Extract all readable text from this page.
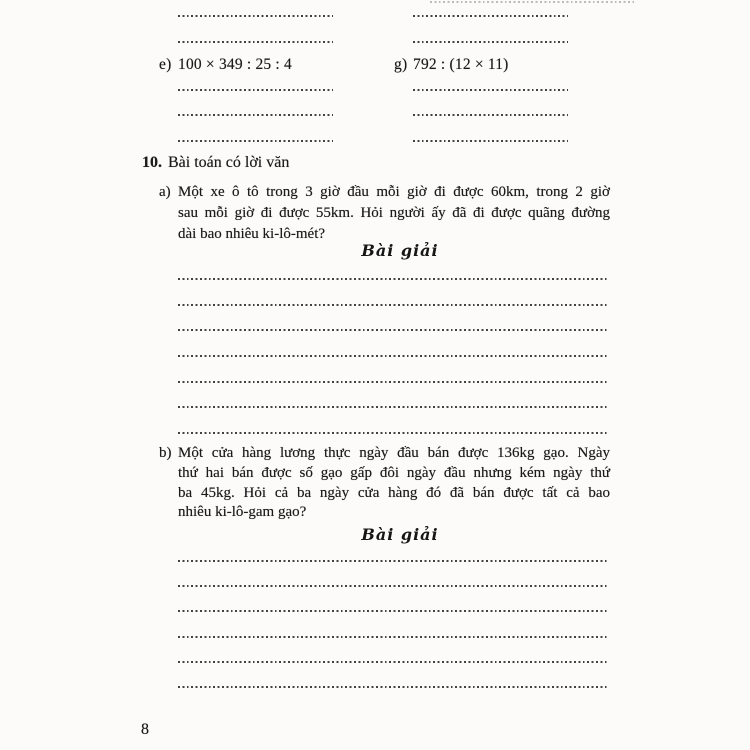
e) 100 × 349 : 25 : 4	g) 792 : (12 × 11)
10. Bài toán có lời văn
a) Một xe ô tô trong 3 giờ đầu mỗi giờ đi được 60km, trong 2 giờ
sau mỗi giờ đi được 55km. Hỏi người ấy đã đi được quãng đường
dài bao nhiêu ki-lô-mét?
Bài giải
b) Một cửa hàng lương thực ngày đầu bán được 136kg gạo. Ngày
thứ hai bán được số gạo gấp đôi ngày đầu nhưng kém ngày thứ
ba 45kg. Hỏi cả ba ngày cửa hàng đó đã bán được tất cả bao
nhiêu ki-lô-gam gạo?
Bài giải
8
